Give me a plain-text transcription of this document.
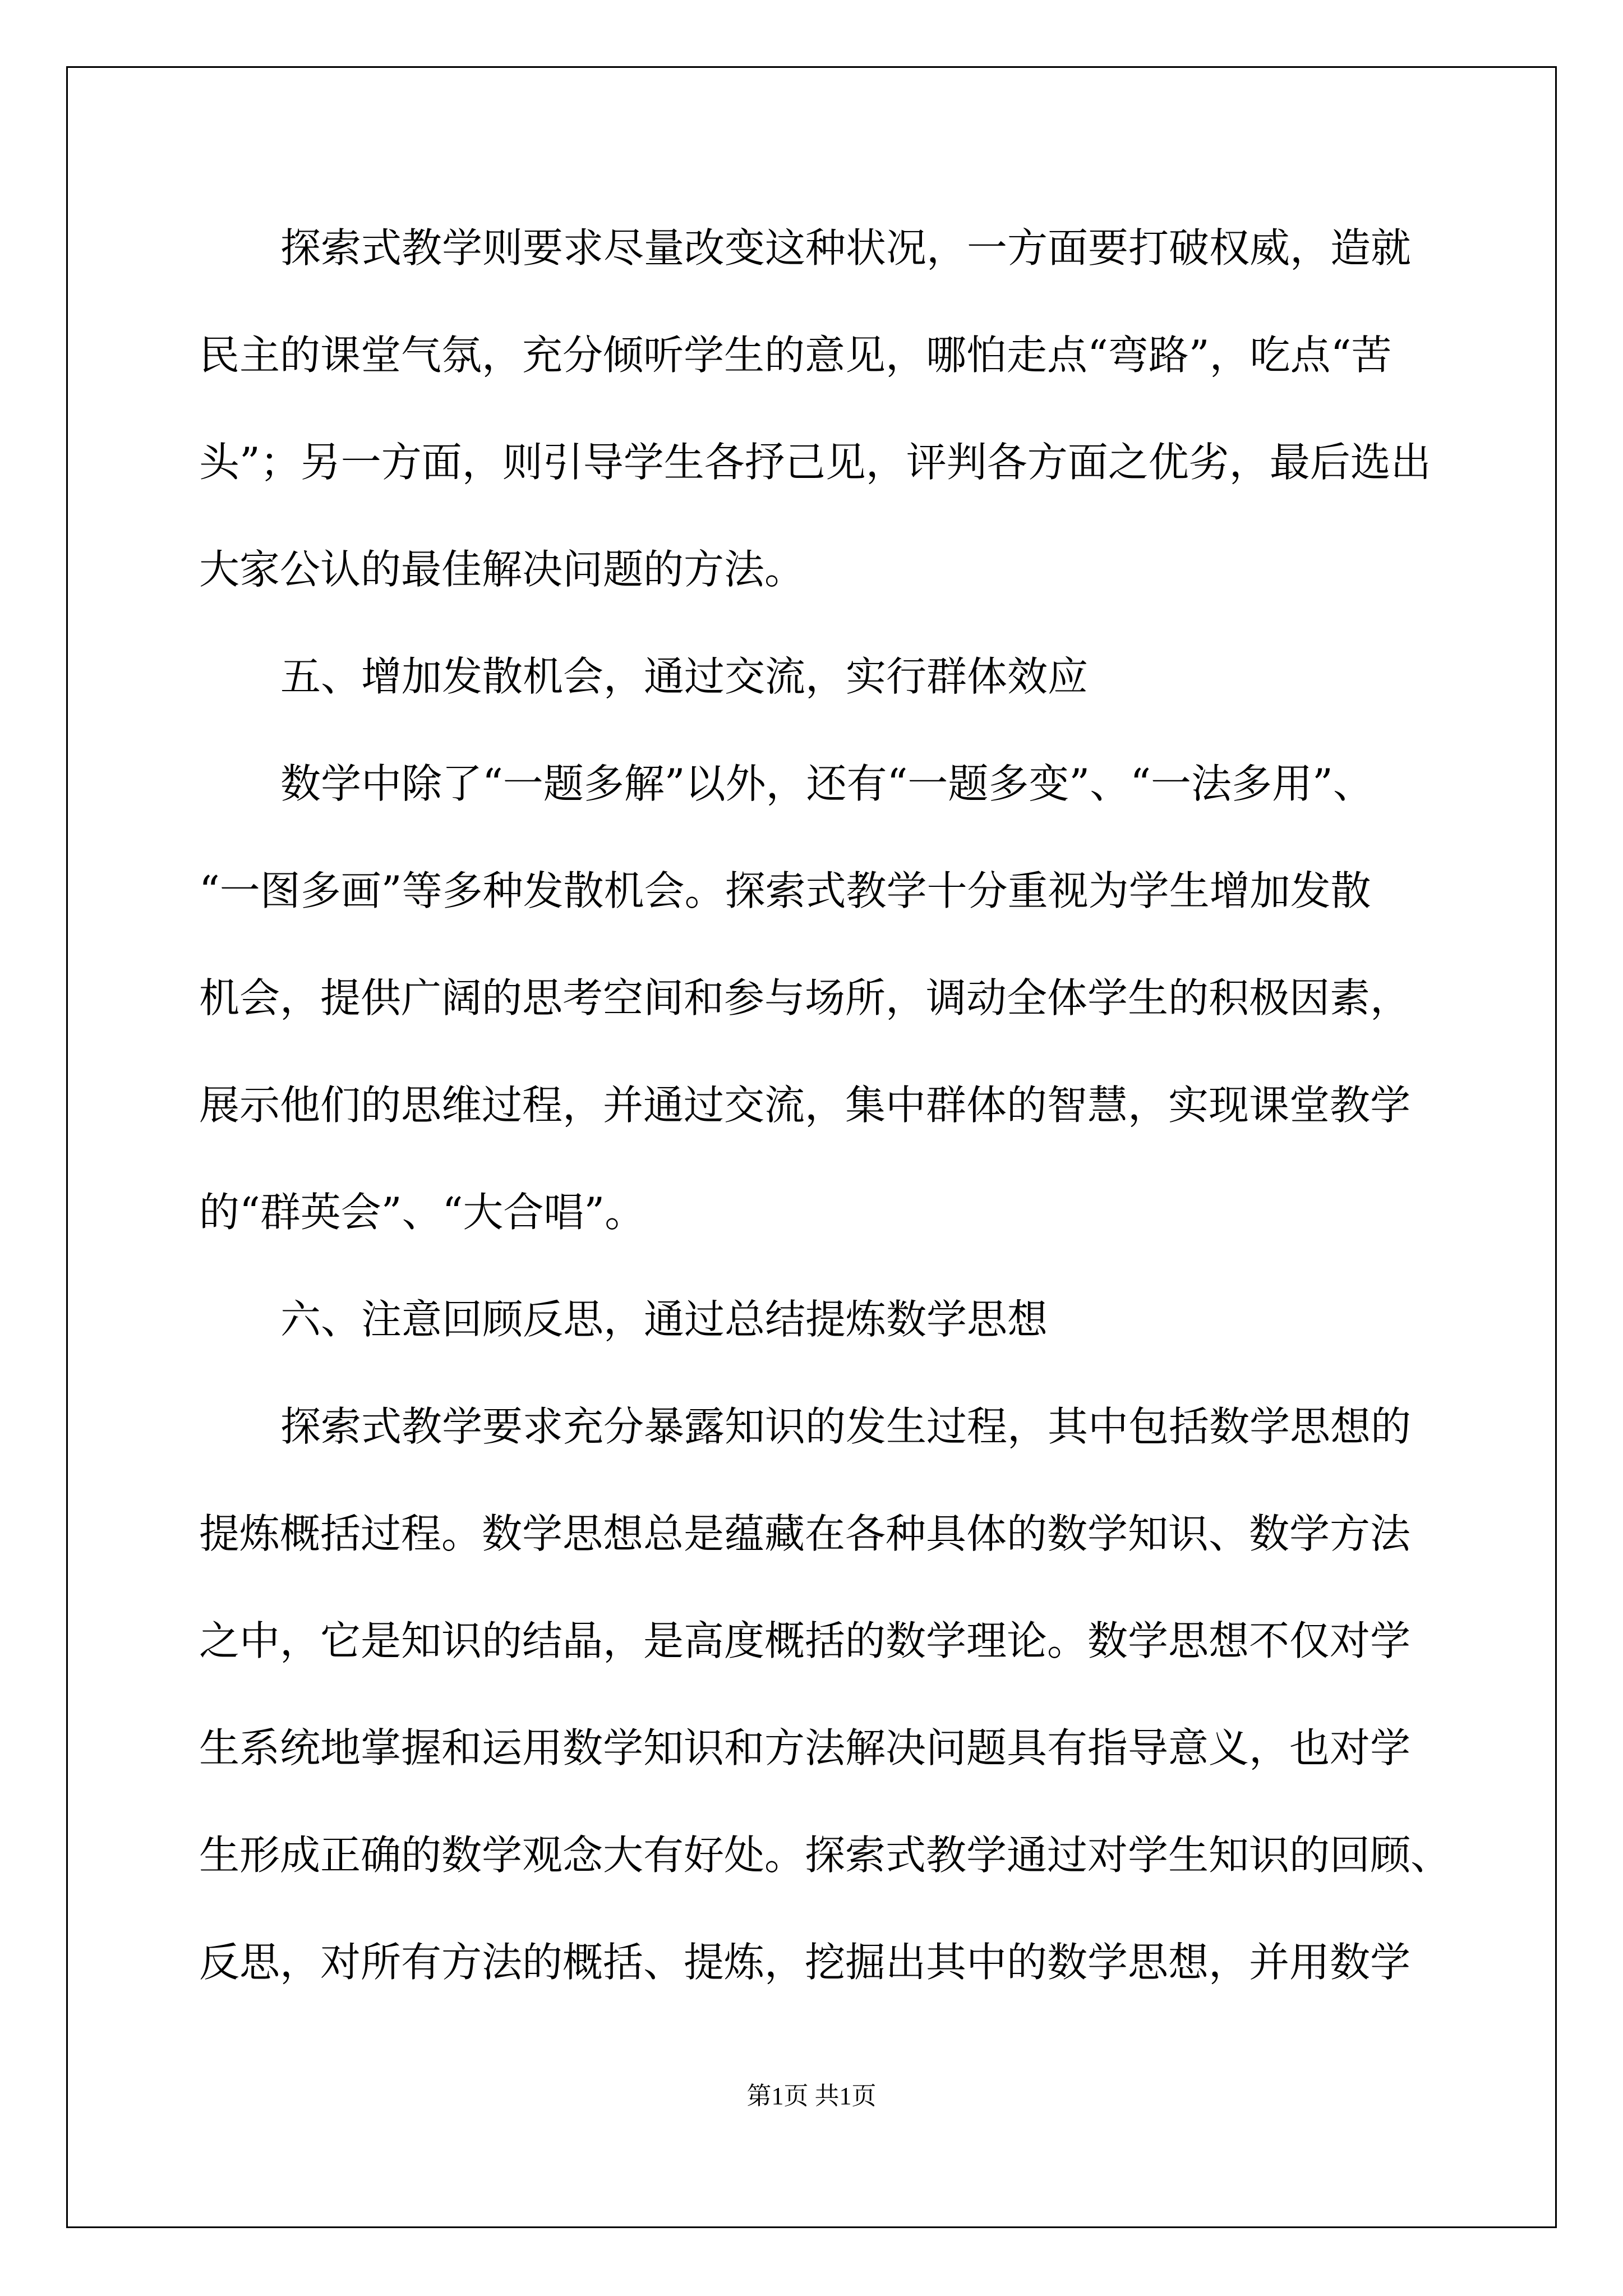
探索式教学则要求尽量改变这种状况，一方面要打破权威，造就
民主的课堂气氛，充分倾听学生的意见，哪怕走点“弯路”，吃点“苦
头”；另一方面，则引导学生各抒己见，评判各方面之优劣，最后选出
大家公认的最佳解决问题的方法。
五、增加发散机会，通过交流，实行群体效应
数学中除了“一题多解”以外，还有“一题多变”、“一法多用”、
“一图多画”等多种发散机会。探索式教学十分重视为学生增加发散
机会，提供广阔的思考空间和参与场所，调动全体学生的积极因素，
展示他们的思维过程，并通过交流，集中群体的智慧，实现课堂教学
的“群英会”、“大合唱”。
六、注意回顾反思，通过总结提炼数学思想
探索式教学要求充分暴露知识的发生过程，其中包括数学思想的
提炼概括过程。数学思想总是蕴藏在各种具体的数学知识、数学方法
之中，它是知识的结晶，是高度概括的数学理论。数学思想不仅对学
生系统地掌握和运用数学知识和方法解决问题具有指导意义，也对学
生形成正确的数学观念大有好处。探索式教学通过对学生知识的回顾、
反思，对所有方法的概括、提炼，挖掘出其中的数学思想，并用数学
第1页 共1页
